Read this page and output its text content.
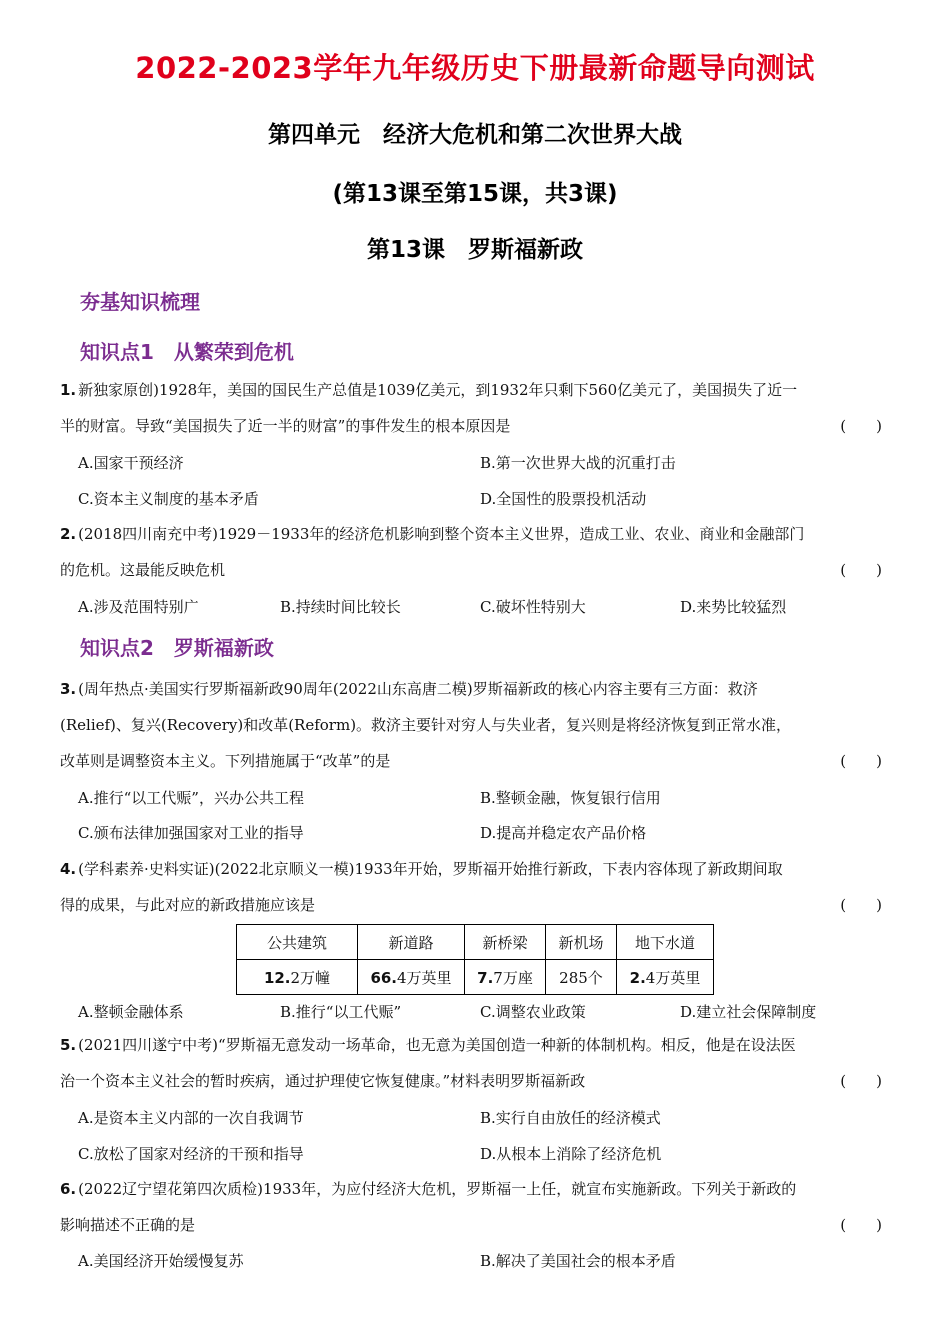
2022-2023学年九年级历史下册最新命题导向测试
第四单元　经济大危机和第二次世界大战
(第13课至第15课，共3课)
第13课　罗斯福新政
夯基知识梳理
知识点1　从繁荣到危机
1. 新独家原创)1928年，美国的国民生产总值是1039亿美元，到1932年只剩下560亿美元了，美国损失了近一
半的财富。导致“美国损失了近一半的财富”的事件发生的根本原因是	(　　)
A.国家干预经济	B.第一次世界大战的沉重打击
C.资本主义制度的基本矛盾	D.全国性的股票投机活动
2. (2018四川南充中考)1929－1933年的经济危机影响到整个资本主义世界，造成工业、农业、商业和金融部门
的危机。这最能反映危机	(　　)
A.涉及范围特别广	B.持续时间比较长	C.破坏性特别大	D.来势比较猛烈
知识点2　罗斯福新政
3. (周年热点·美国实行罗斯福新政90周年(2022山东高唐二模)罗斯福新政的核心内容主要有三方面：救济
(Relief)、复兴(Recovery)和改革(Reform)。救济主要针对穷人与失业者，复兴则是将经济恢复到正常水准，
改革则是调整资本主义。下列措施属于“改革”的是	(　　)
A.推行“以工代赈”，兴办公共工程	B.整顿金融，恢复银行信用
C.颁布法律加强国家对工业的指导	D.提高并稳定农产品价格
4. (学科素养·史料实证)(2022北京顺义一模)1933年开始，罗斯福开始推行新政，下表内容体现了新政期间取
得的成果，与此对应的新政措施应该是	(　　)
公共建筑	新道路	新桥梁	新机场	地下水道
12.2万幢	66.4万英里	7.7万座	285个	2.4万英里
A.整顿金融体系	B.推行“以工代赈”	C.调整农业政策	D.建立社会保障制度
5. (2021四川遂宁中考)“罗斯福无意发动一场革命，也无意为美国创造一种新的体制机构。相反，他是在设法医
治一个资本主义社会的暂时疾病，通过护理使它恢复健康。”材料表明罗斯福新政	(　　)
A.是资本主义内部的一次自我调节	B.实行自由放任的经济模式
C.放松了国家对经济的干预和指导	D.从根本上消除了经济危机
6. (2022辽宁望花第四次质检)1933年，为应付经济大危机，罗斯福一上任，就宣布实施新政。下列关于新政的
影响描述不正确的是	(　　)
A.美国经济开始缓慢复苏	B.解决了美国社会的根本矛盾
